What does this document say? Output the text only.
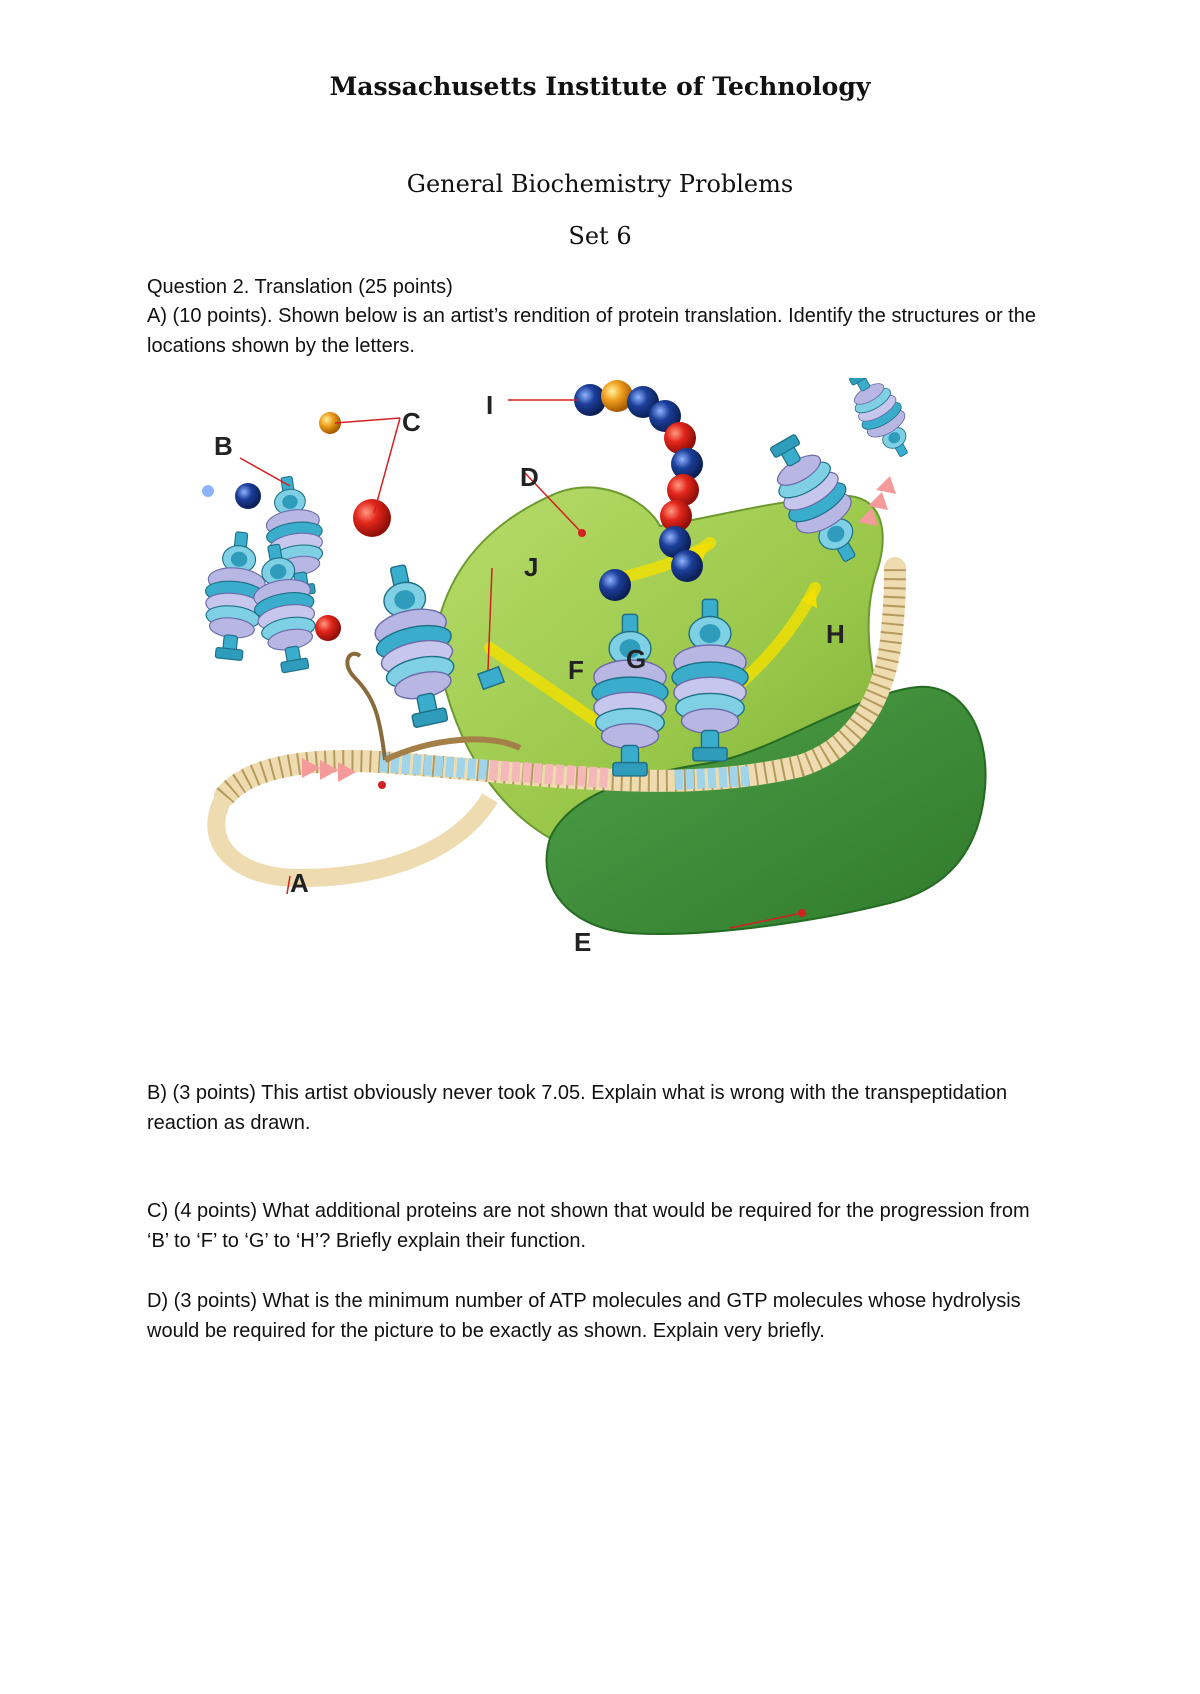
Massachusetts Institute of Technology
General Biochemistry Problems
Set 6
Question 2. Translation (25 points)
A) (10 points). Shown below is an artist’s rendition of protein translation. Identify the structures or the locations shown by the letters.
B
C
D
I
J
G
F
H
A
E
B) (3 points) This artist obviously never took 7.05. Explain what is wrong with the transpeptidation reaction as drawn.
C) (4 points) What additional proteins are not shown that would be required for the progression from ‘B’ to ‘F’ to ‘G’ to ‘H’? Briefly explain their function.
D) (3 points) What is the minimum number of ATP molecules and GTP molecules whose hydrolysis would be required for the picture to be exactly as shown. Explain very briefly.
